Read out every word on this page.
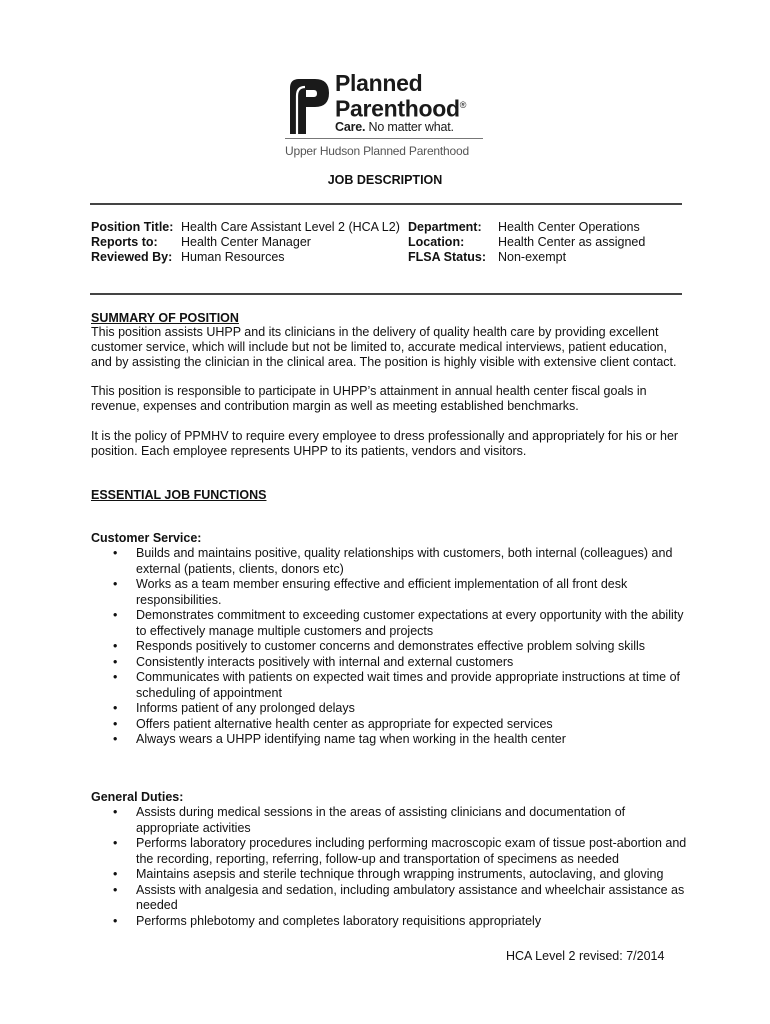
Planned
Parenthood®
Care. No matter what.
Upper Hudson Planned Parenthood
JOB DESCRIPTION
Position Title:
Reports to:
Reviewed By:
Health Care Assistant Level 2 (HCA L2)
Health Center Manager
Human Resources
Department:
Location:
FLSA Status:
Health Center Operations
Health Center as assigned
Non-exempt
SUMMARY OF POSITION
This position assists UHPP and its clinicians in the delivery of quality health care by providing excellent customer service, which will include but not be limited to, accurate medical interviews, patient education, and by assisting the clinician in the clinical area. The position is highly visible with extensive client contact.
This position is responsible to participate in UHPP’s attainment in annual health center fiscal goals in revenue, expenses and contribution margin as well as meeting established benchmarks.
It is the policy of PPMHV to require every employee to dress professionally and appropriately for his or her position. Each employee represents UHPP to its patients, vendors and visitors.
ESSENTIAL JOB FUNCTIONS
Customer Service:
• Builds and maintains positive, quality relationships with customers, both internal (colleagues) and external (patients, clients, donors etc)
• Works as a team member ensuring effective and efficient implementation of all front desk responsibilities.
• Demonstrates commitment to exceeding customer expectations at every opportunity with the ability to effectively manage multiple customers and projects
• Responds positively to customer concerns and demonstrates effective problem solving skills
• Consistently interacts positively with internal and external customers
• Communicates with patients on expected wait times and provide appropriate instructions at time of scheduling of appointment
• Informs patient of any prolonged delays
• Offers patient alternative health center as appropriate for expected services
• Always wears a UHPP identifying name tag when working in the health center
General Duties:
• Assists during medical sessions in the areas of assisting clinicians and documentation of appropriate activities
• Performs laboratory procedures including performing macroscopic exam of tissue post-abortion and the recording, reporting, referring, follow-up and transportation of specimens as needed
• Maintains asepsis and sterile technique through wrapping instruments, autoclaving, and gloving
• Assists with analgesia and sedation, including ambulatory assistance and wheelchair assistance as needed
• Performs phlebotomy and completes laboratory requisitions appropriately
HCA Level 2 revised: 7/2014
